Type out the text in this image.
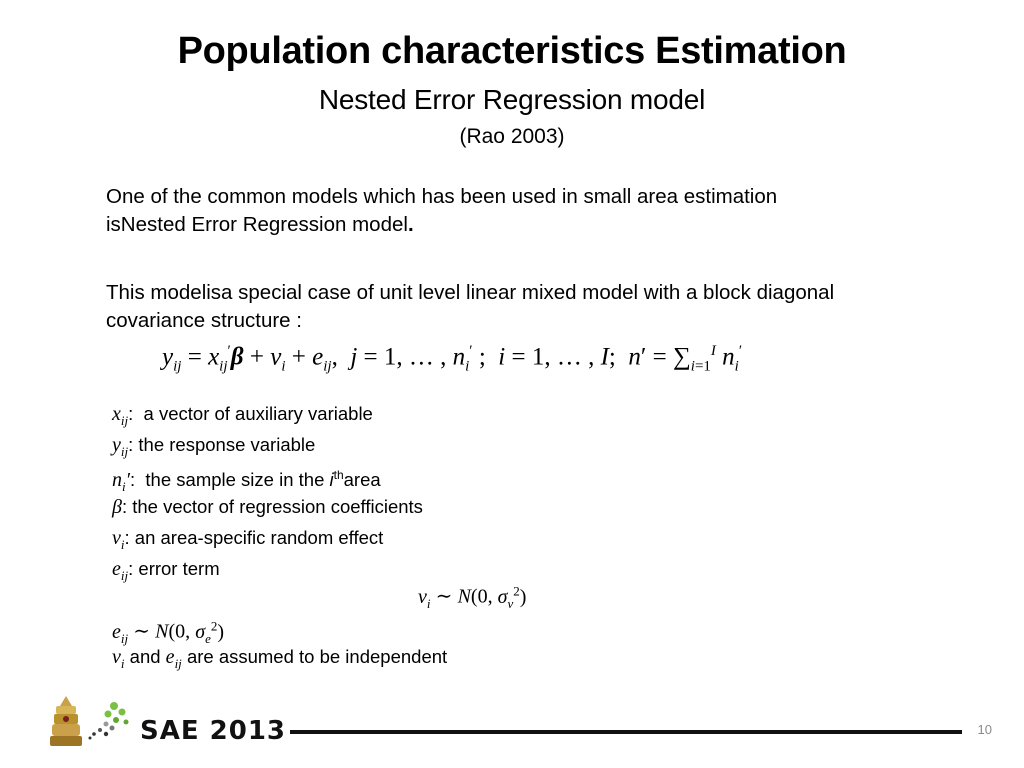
Population characteristics Estimation
Nested Error Regression model
(Rao 2003)
One of the common models which has been used in small area estimation
isNested Error Regression model.
This modelisa special case of unit level linear mixed model with a block diagonal
covariance structure :
$y_{ij} = x_{ij}'\beta + v_i + e_{ij}$,  j = 1, … , $n_i'$ ;  i = 1, … , I;  $n' = \sum_{i=1}^I$ $n_i'$
$x_{ij}$:  a vector of auxiliary variable
$y_{ij}$: the response variable
$n_i'$:  the sample size in the $i^{th}area$
β: the vector of regression coefficients
$v_i$: an area-specific random effect
$e_{ij}$: error term
$e_{ij}$ ∼ N(0, $\sigma_e^2$)
$v_i$ and $e_{ij}$ are assumed to be independent
$v_i$ ∼ N(0, $\sigma_v^2$)
SAE 2013	10
